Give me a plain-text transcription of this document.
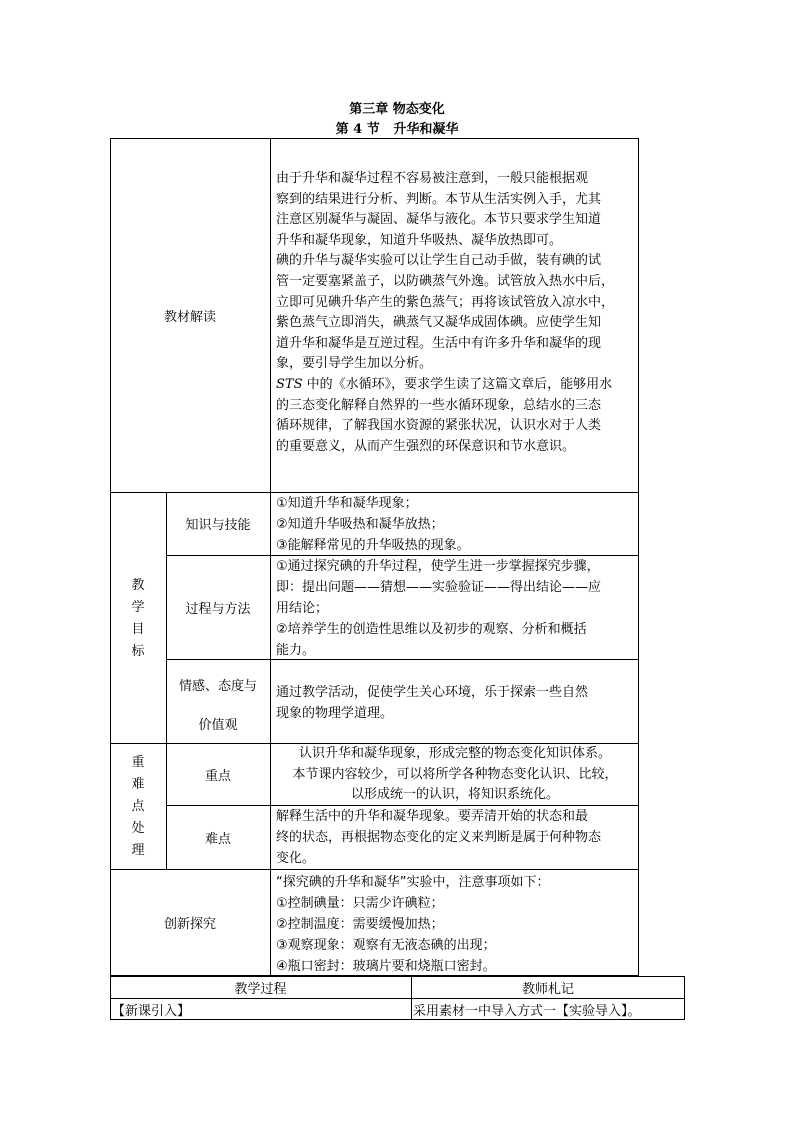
第三章 物态变化
第 4 节 升华和凝华
教材解读
由于升华和凝华过程不容易被注意到，一般只能根据观
察到的结果进行分析、判断。本节从生活实例入手，尤其
注意区别凝华与凝固、凝华与液化。本节只要求学生知道
升华和凝华现象，知道升华吸热、凝华放热即可。
碘的升华与凝华实验可以让学生自己动手做，装有碘的试
管一定要塞紧盖子，以防碘蒸气外逸。试管放入热水中后，
立即可见碘升华产生的紫色蒸气；再将该试管放入凉水中，
紫色蒸气立即消失，碘蒸气又凝华成固体碘。应使学生知
道升华和凝华是互逆过程。生活中有许多升华和凝华的现
象，要引导学生加以分析。
STS 中的《水循环》，要求学生读了这篇文章后，能够用水
的三态变化解释自然界的一些水循环现象，总结水的三态
循环规律，了解我国水资源的紧张状况，认识水对于人类
的重要意义，从而产生强烈的环保意识和节水意识。
教
学
目
标
知识与技能
①知道升华和凝华现象；
②知道升华吸热和凝华放热；
③能解释常见的升华吸热的现象。
过程与方法
①通过探究碘的升华过程，使学生进一步掌握探究步骤，
即：提出问题——猜想——实验验证——得出结论——应
用结论；
②培养学生的创造性思维以及初步的观察、分析和概括
能力。
情感、态度与
价值观
通过教学活动，促使学生关心环境，乐于探索一些自然
现象的物理学道理。
重
难
点
处
理
重点
认识升华和凝华现象，形成完整的物态变化知识体系。
本节课内容较少，可以将所学各种物态变化认识、比较，
以形成统一的认识，将知识系统化。
难点
解释生活中的升华和凝华现象。要弄清开始的状态和最
终的状态，再根据物态变化的定义来判断是属于何种物态
变化。
创新探究
“探究碘的升华和凝华”实验中，注意事项如下：
①控制碘量：只需少许碘粒；
②控制温度：需要缓慢加热；
③观察现象：观察有无液态碘的出现；
④瓶口密封：玻璃片要和烧瓶口密封。
教学过程	教师札记
【新课引入】	采用素材一中导入方式一【实验导入】。
